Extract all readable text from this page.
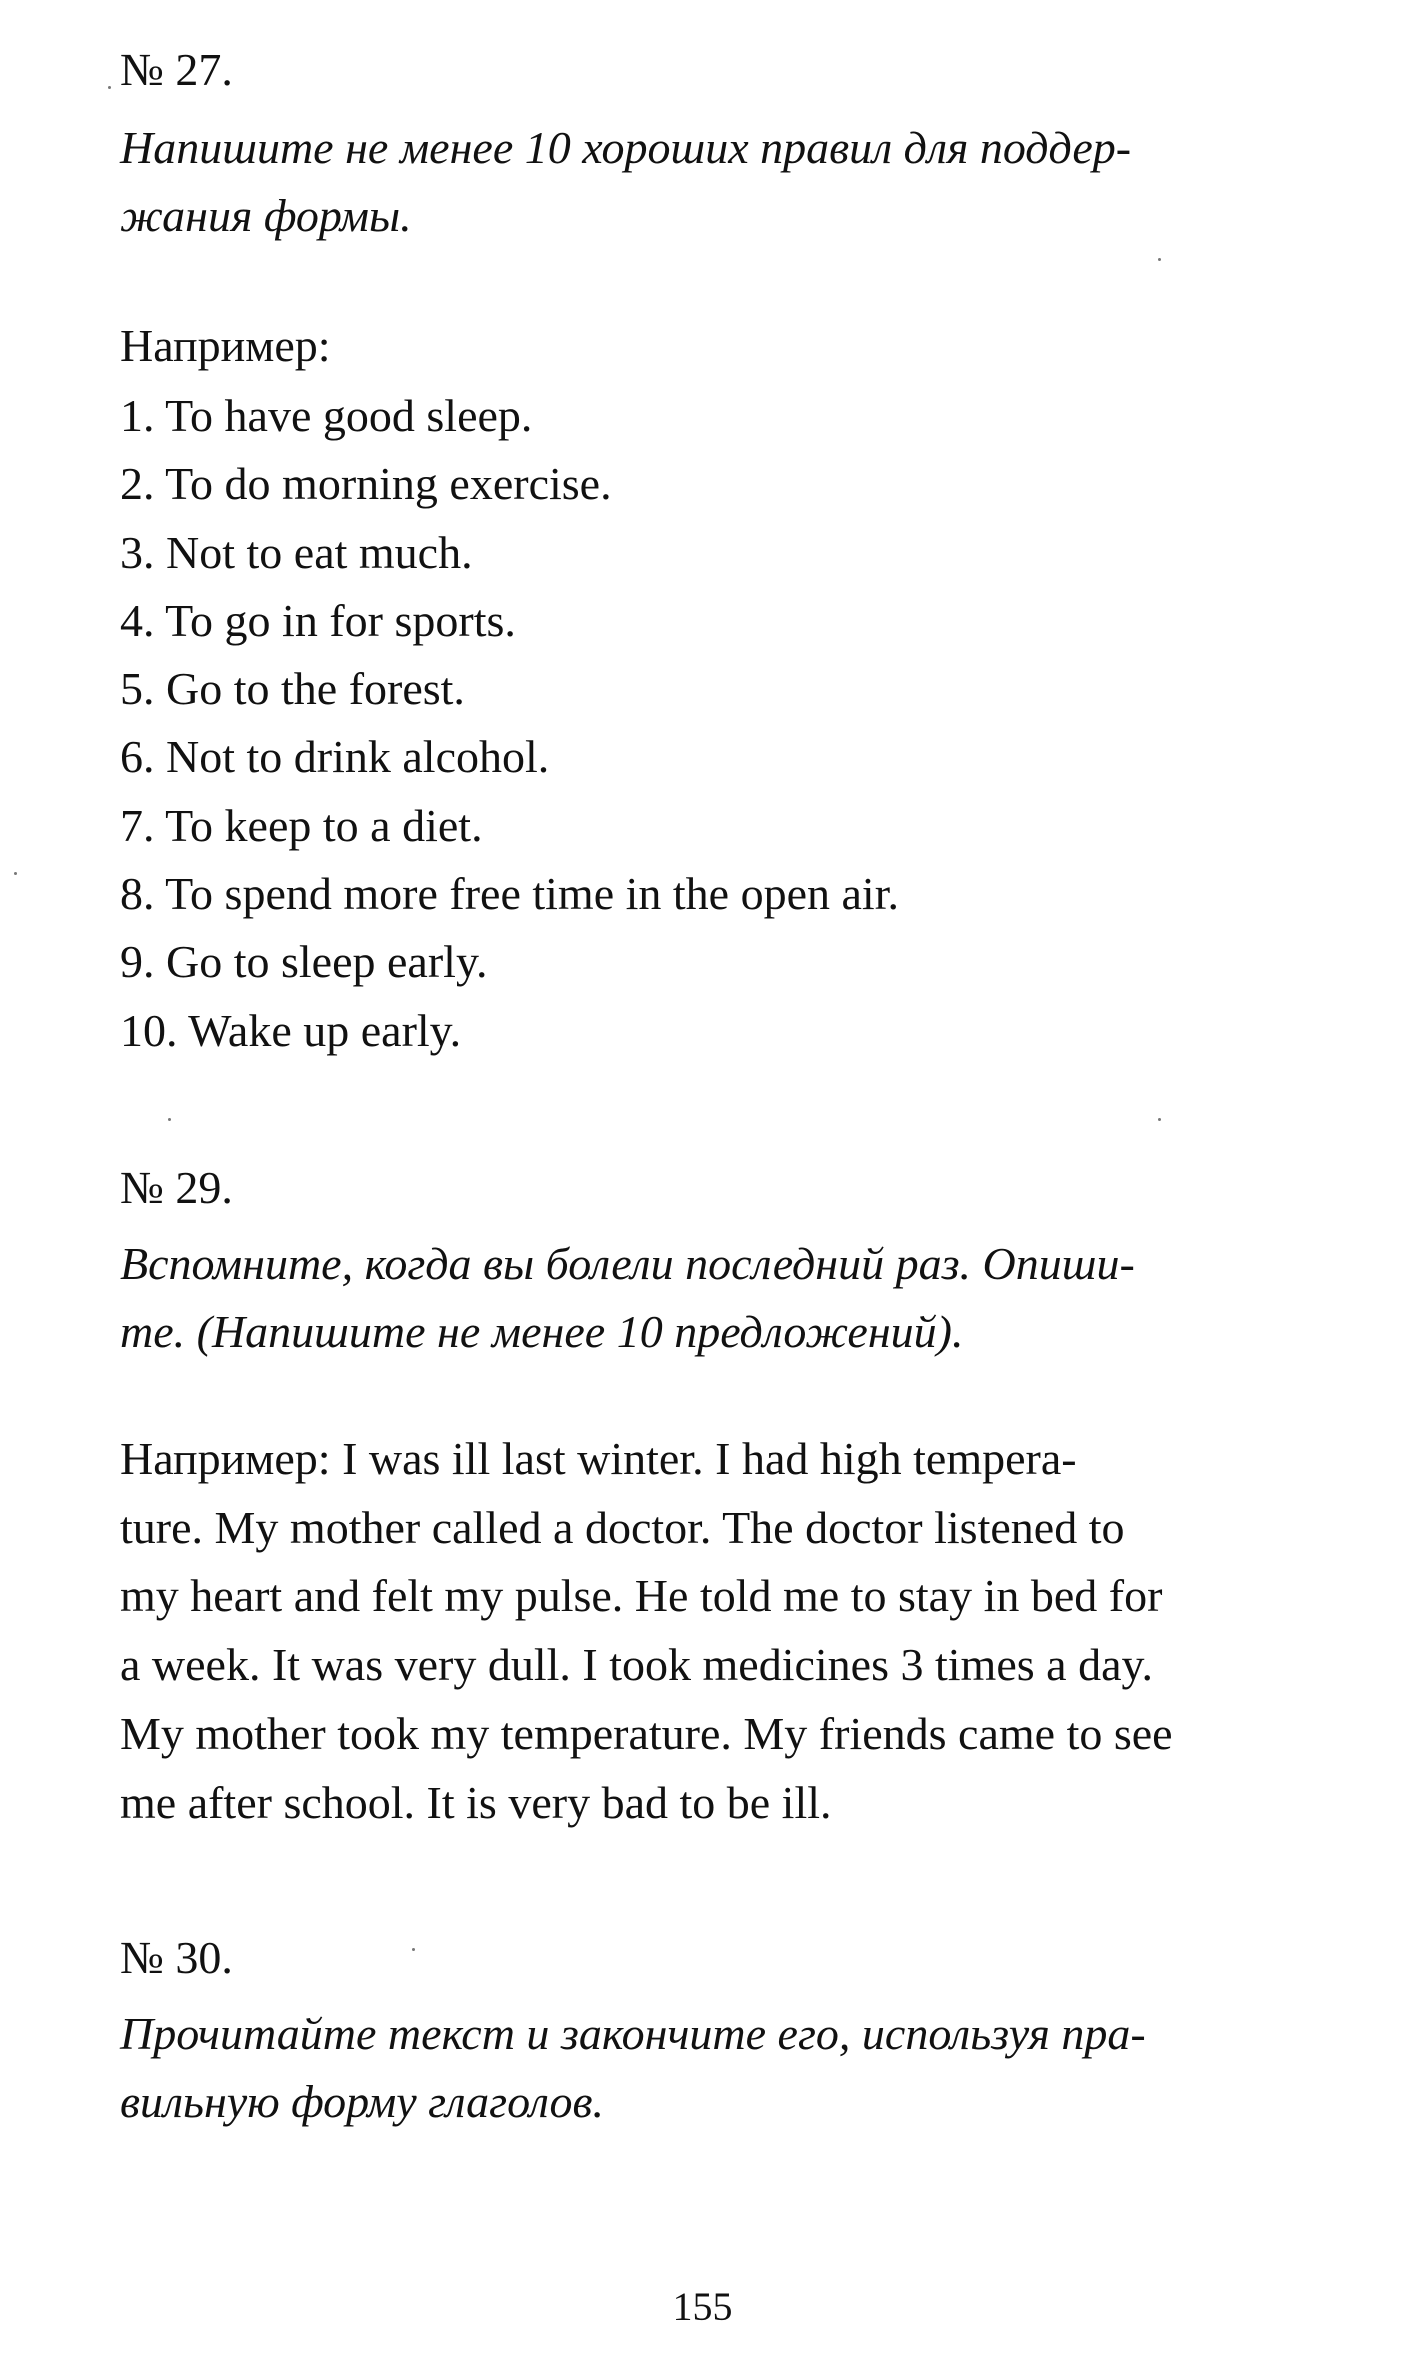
№ 27.
Напишите не менее 10 хороших правил для поддер-
жания формы.
Например:
1. To have good sleep.
2. To do morning exercise.
3. Not to eat much.
4. To go in for sports.
5. Go to the forest.
6. Not to drink alcohol.
7. To keep to a diet.
8. To spend more free time in the open air.
9. Go to sleep early.
10. Wake up early.
№ 29.
Вспомните, когда вы болели последний раз. Опиши-
те. (Напишите не менее 10 предложений).
Например: I was ill last winter. I had high tempera-
ture. My mother called a doctor. The doctor listened to
my heart and felt my pulse. He told me to stay in bed for
a week. It was very dull. I took medicines 3 times a day.
My mother took my temperature. My friends came to see
me after school. It is very bad to be ill.
№ 30.
Прочитайте текст и закончите его, используя пра-
вильную форму глаголов.
155
